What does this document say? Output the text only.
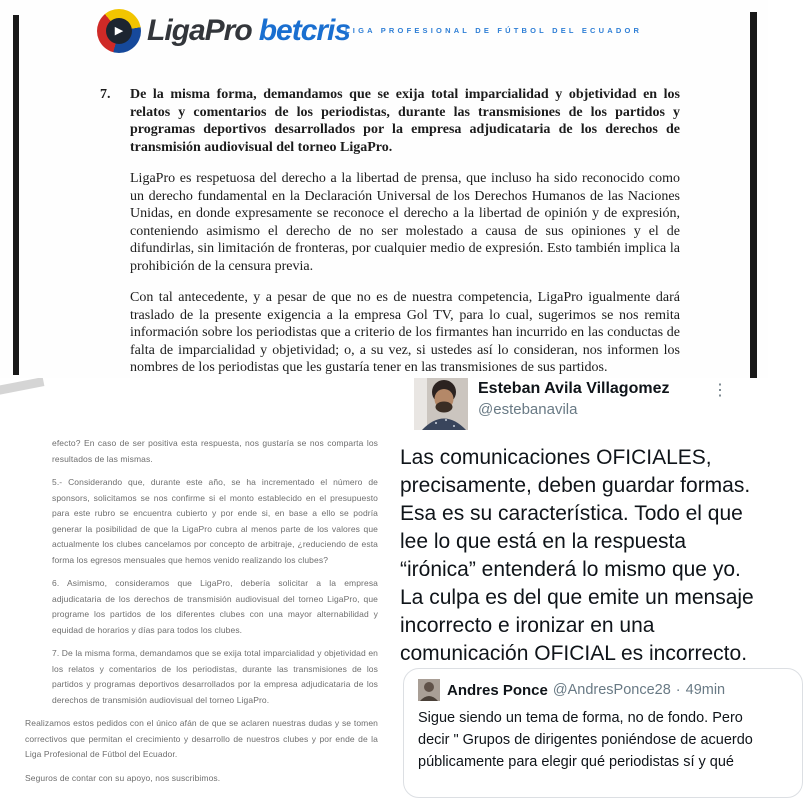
▶ LigaPro betcris
LIGA PROFESIONAL DE FÚTBOL DEL ECUADOR
7.	De la misma forma, demandamos que se exija total imparcialidad y objetividad en los relatos y comentarios de los periodistas, durante las transmisiones de los partidos y programas deportivos desarrollados por la empresa adjudicataria de los derechos de transmisión audiovisual del torneo LigaPro.
LigaPro es respetuosa del derecho a la libertad de prensa, que incluso ha sido reconocido como un derecho fundamental en la Declaración Universal de los Derechos Humanos de las Naciones Unidas, en donde expresamente se reconoce el derecho a la libertad de opinión y de expresión, conteniendo asimismo el derecho de no ser molestado a causa de sus opiniones y el de difundirlas, sin limitación de fronteras, por cualquier medio de expresión. Esto también implica la prohibición de la censura previa.
Con tal antecedente, y a pesar de que no es de nuestra competencia, LigaPro igualmente dará traslado de la presente exigencia a la empresa Gol TV, para lo cual, sugerimos se nos remita información sobre los periodistas que a criterio de los firmantes han incurrido en las conductas de falta de imparcialidad y objetividad; o, a su vez, si ustedes así lo consideran, nos informen los nombres de los periodistas que les gustaría tener en las transmisiones de sus partidos.

efecto? En caso de ser positiva esta respuesta, nos gustaría se nos comparta los resultados de las mismas.

5.- Considerando que, durante este año, se ha incrementado el número de sponsors, solicitamos se nos confirme si el monto establecido en el presupuesto para este rubro se encuentra cubierto y por ende si, en base a ello se podría generar la posibilidad de que la LigaPro cubra al menos parte de los valores que actualmente los clubes cancelamos por concepto de arbitraje, ¿reduciendo de esta forma los egresos mensuales que hemos venido realizando los clubes?

6. Asimismo, consideramos que LigaPro, debería solicitar a la empresa adjudicataria de los derechos de transmisión audiovisual del torneo LigaPro, que programe los partidos de los diferentes clubes con una mayor alternabilidad y equidad de horarios y días para todos los clubes.

7. De la misma forma, demandamos que se exija total imparcialidad y objetividad en los relatos y comentarios de los periodistas, durante las transmisiones de los partidos y programas deportivos desarrollados por la empresa adjudicataria de los derechos de transmisión audiovisual del torneo LigaPro.

Realizamos estos pedidos con el único afán de que se aclaren nuestras dudas y se tomen correctivos que permitan el crecimiento y desarrollo de nuestros clubes y por ende de la Liga Profesional de Fútbol del Ecuador.

Seguros de contar con su apoyo, nos suscribimos.

Esteban Avila Villagomez
@estebanavila
⋮
Las comunicaciones OFICIALES, precisamente, deben guardar formas. Esa es su característica. Todo el que lee lo que está en la respuesta “irónica” entenderá lo mismo que yo. La culpa es del que emite un mensaje incorrecto e ironizar en una comunicación OFICIAL es incorrecto.
Andres Ponce @AndresPonce28 · 49min
Sigue siendo un tema de forma, no de fondo. Pero decir " Grupos de dirigentes poniéndose de acuerdo públicamente para elegir qué periodistas sí y qué
